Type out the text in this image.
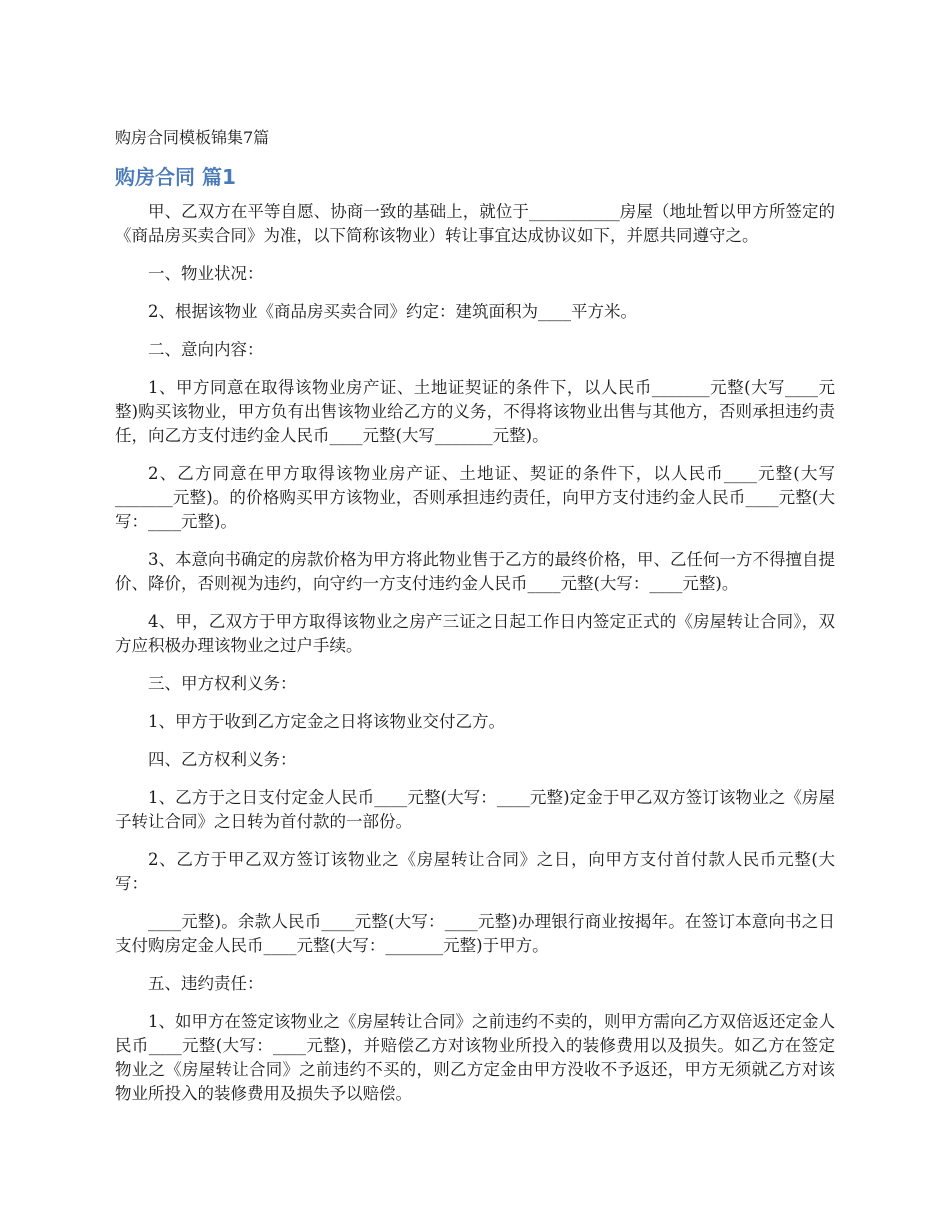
购房合同模板锦集7篇
购房合同 篇1

甲、乙双方在平等自愿、协商一致的基础上，就位于___________房屋（地址暂以甲方所签定的《商品房买卖合同》为准，以下简称该物业）转让事宜达成协议如下，并愿共同遵守之。

一、物业状况：

2、根据该物业《商品房买卖合同》约定：建筑面积为____平方米。

二、意向内容：

1、甲方同意在取得该物业房产证、土地证契证的条件下，以人民币_______元整(大写____元整)购买该物业，甲方负有出售该物业给乙方的义务，不得将该物业出售与其他方，否则承担违约责任，向乙方支付违约金人民币____元整(大写_______元整)。

2、乙方同意在甲方取得该物业房产证、土地证、契证的条件下，以人民币____元整(大写_______元整)。的价格购买甲方该物业，否则承担违约责任，向甲方支付违约金人民币____元整(大写：____元整)。

3、本意向书确定的房款价格为甲方将此物业售于乙方的最终价格，甲、乙任何一方不得擅自提价、降价，否则视为违约，向守约一方支付违约金人民币____元整(大写：____元整)。

4、甲，乙双方于甲方取得该物业之房产三证之日起工作日内签定正式的《房屋转让合同》，双方应积极办理该物业之过户手续。

三、甲方权利义务：

1、甲方于收到乙方定金之日将该物业交付乙方。

四、乙方权利义务：

1、乙方于之日支付定金人民币____元整(大写：____元整)定金于甲乙双方签订该物业之《房屋子转让合同》之日转为首付款的一部份。

2、乙方于甲乙双方签订该物业之《房屋转让合同》之日，向甲方支付首付款人民币元整(大写：

____元整)。余款人民币____元整(大写：____元整)办理银行商业按揭年。在签订本意向书之日支付购房定金人民币____元整(大写：_______元整)于甲方。

五、违约责任：

1、如甲方在签定该物业之《房屋转让合同》之前违约不卖的，则甲方需向乙方双倍返还定金人民币____元整(大写：____元整)，并赔偿乙方对该物业所投入的装修费用以及损失。如乙方在签定物业之《房屋转让合同》之前违约不买的，则乙方定金由甲方没收不予返还，甲方无须就乙方对该物业所投入的装修费用及损失予以赔偿。
